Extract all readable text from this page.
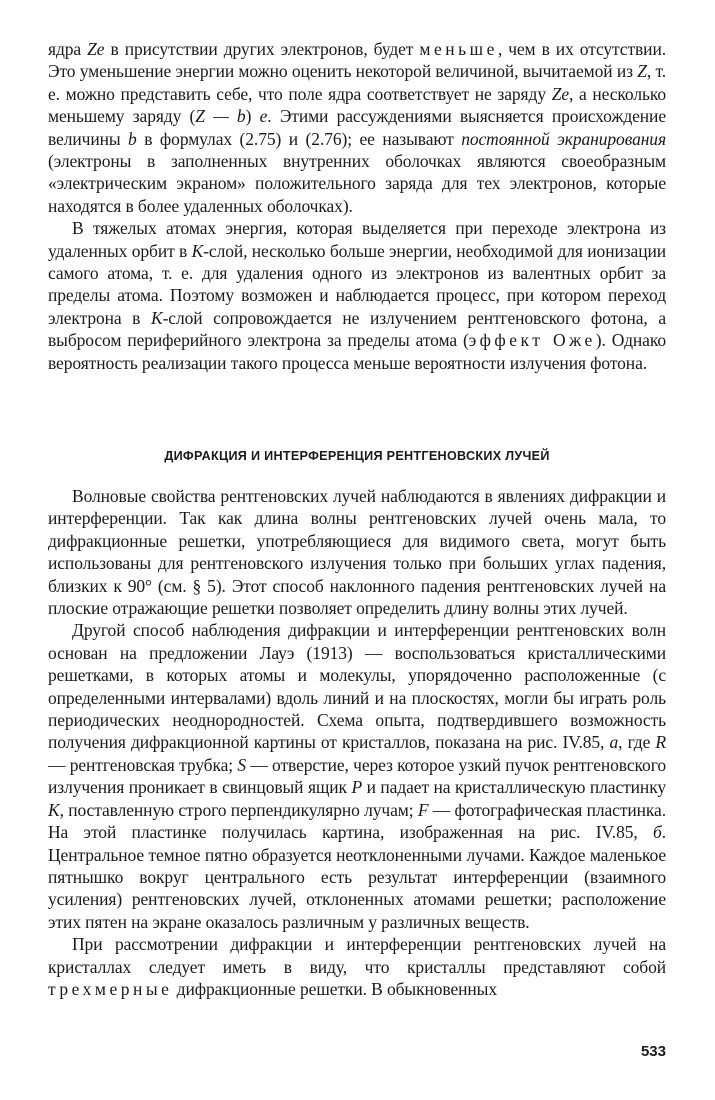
ядра Ze в присутствии других электронов, будет меньше, чем в их отсутствии. Это уменьшение энергии можно оценить некоторой величиной, вычитаемой из Z, т. е. можно представить себе, что поле ядра соответствует не заряду Ze, а несколько меньшему заряду (Z — b) e. Этими рассуждениями выясняется происхождение величины b в формулах (2.75) и (2.76); ее называют постоянной экранирования (электроны в заполненных внутренних оболочках являются своеобразным «электрическим экраном» положительного заряда для тех электронов, которые находятся в более удаленных оболочках).

В тяжелых атомах энергия, которая выделяется при переходе электрона из удаленных орбит в K-слой, несколько больше энергии, необходимой для ионизации самого атома, т. е. для удаления одного из электронов из валентных орбит за пределы атома. Поэтому возможен и наблюдается процесс, при котором переход электрона в K-слой сопровождается не излучением рентгеновского фотона, а выбросом периферийного электрона за пределы атома (эффект Оже). Однако вероятность реализации такого процесса меньше вероятности излучения фотона.

ДИФРАКЦИЯ И ИНТЕРФЕРЕНЦИЯ РЕНТГЕНОВСКИХ ЛУЧЕЙ

Волновые свойства рентгеновских лучей наблюдаются в явлениях дифракции и интерференции. Так как длина волны рентгеновских лучей очень мала, то дифракционные решетки, употребляющиеся для видимого света, могут быть использованы для рентгеновского излучения только при больших углах падения, близких к 90° (см. § 5). Этот способ наклонного падения рентгеновских лучей на плоские отражающие решетки позволяет определить длину волны этих лучей.

Другой способ наблюдения дифракции и интерференции рентгеновских волн основан на предложении Лауэ (1913) — воспользоваться кристаллическими решетками, в которых атомы и молекулы, упорядоченно расположенные (с определенными интервалами) вдоль линий и на плоскостях, могли бы играть роль периодических неоднородностей. Схема опыта, подтвердившего возможность получения дифракционной картины от кристаллов, показана на рис. IV.85, а, где R — рентгеновская трубка; S — отверстие, через которое узкий пучок рентгеновского излучения проникает в свинцовый ящик P и падает на кристаллическую пластинку K, поставленную строго перпендикулярно лучам; F — фотографическая пластинка. На этой пластинке получилась картина, изображенная на рис. IV.85, б. Центральное темное пятно образуется неотклоненными лучами. Каждое маленькое пятнышко вокруг центрального есть результат интерференции (взаимного усиления) рентгеновских лучей, отклоненных атомами решетки; расположение этих пятен на экране оказалось различным у различных веществ.

При рассмотрении дифракции и интерференции рентгеновских лучей на кристаллах следует иметь в виду, что кристаллы представляют собой трехмерные дифракционные решетки. В обыкновенных

533
